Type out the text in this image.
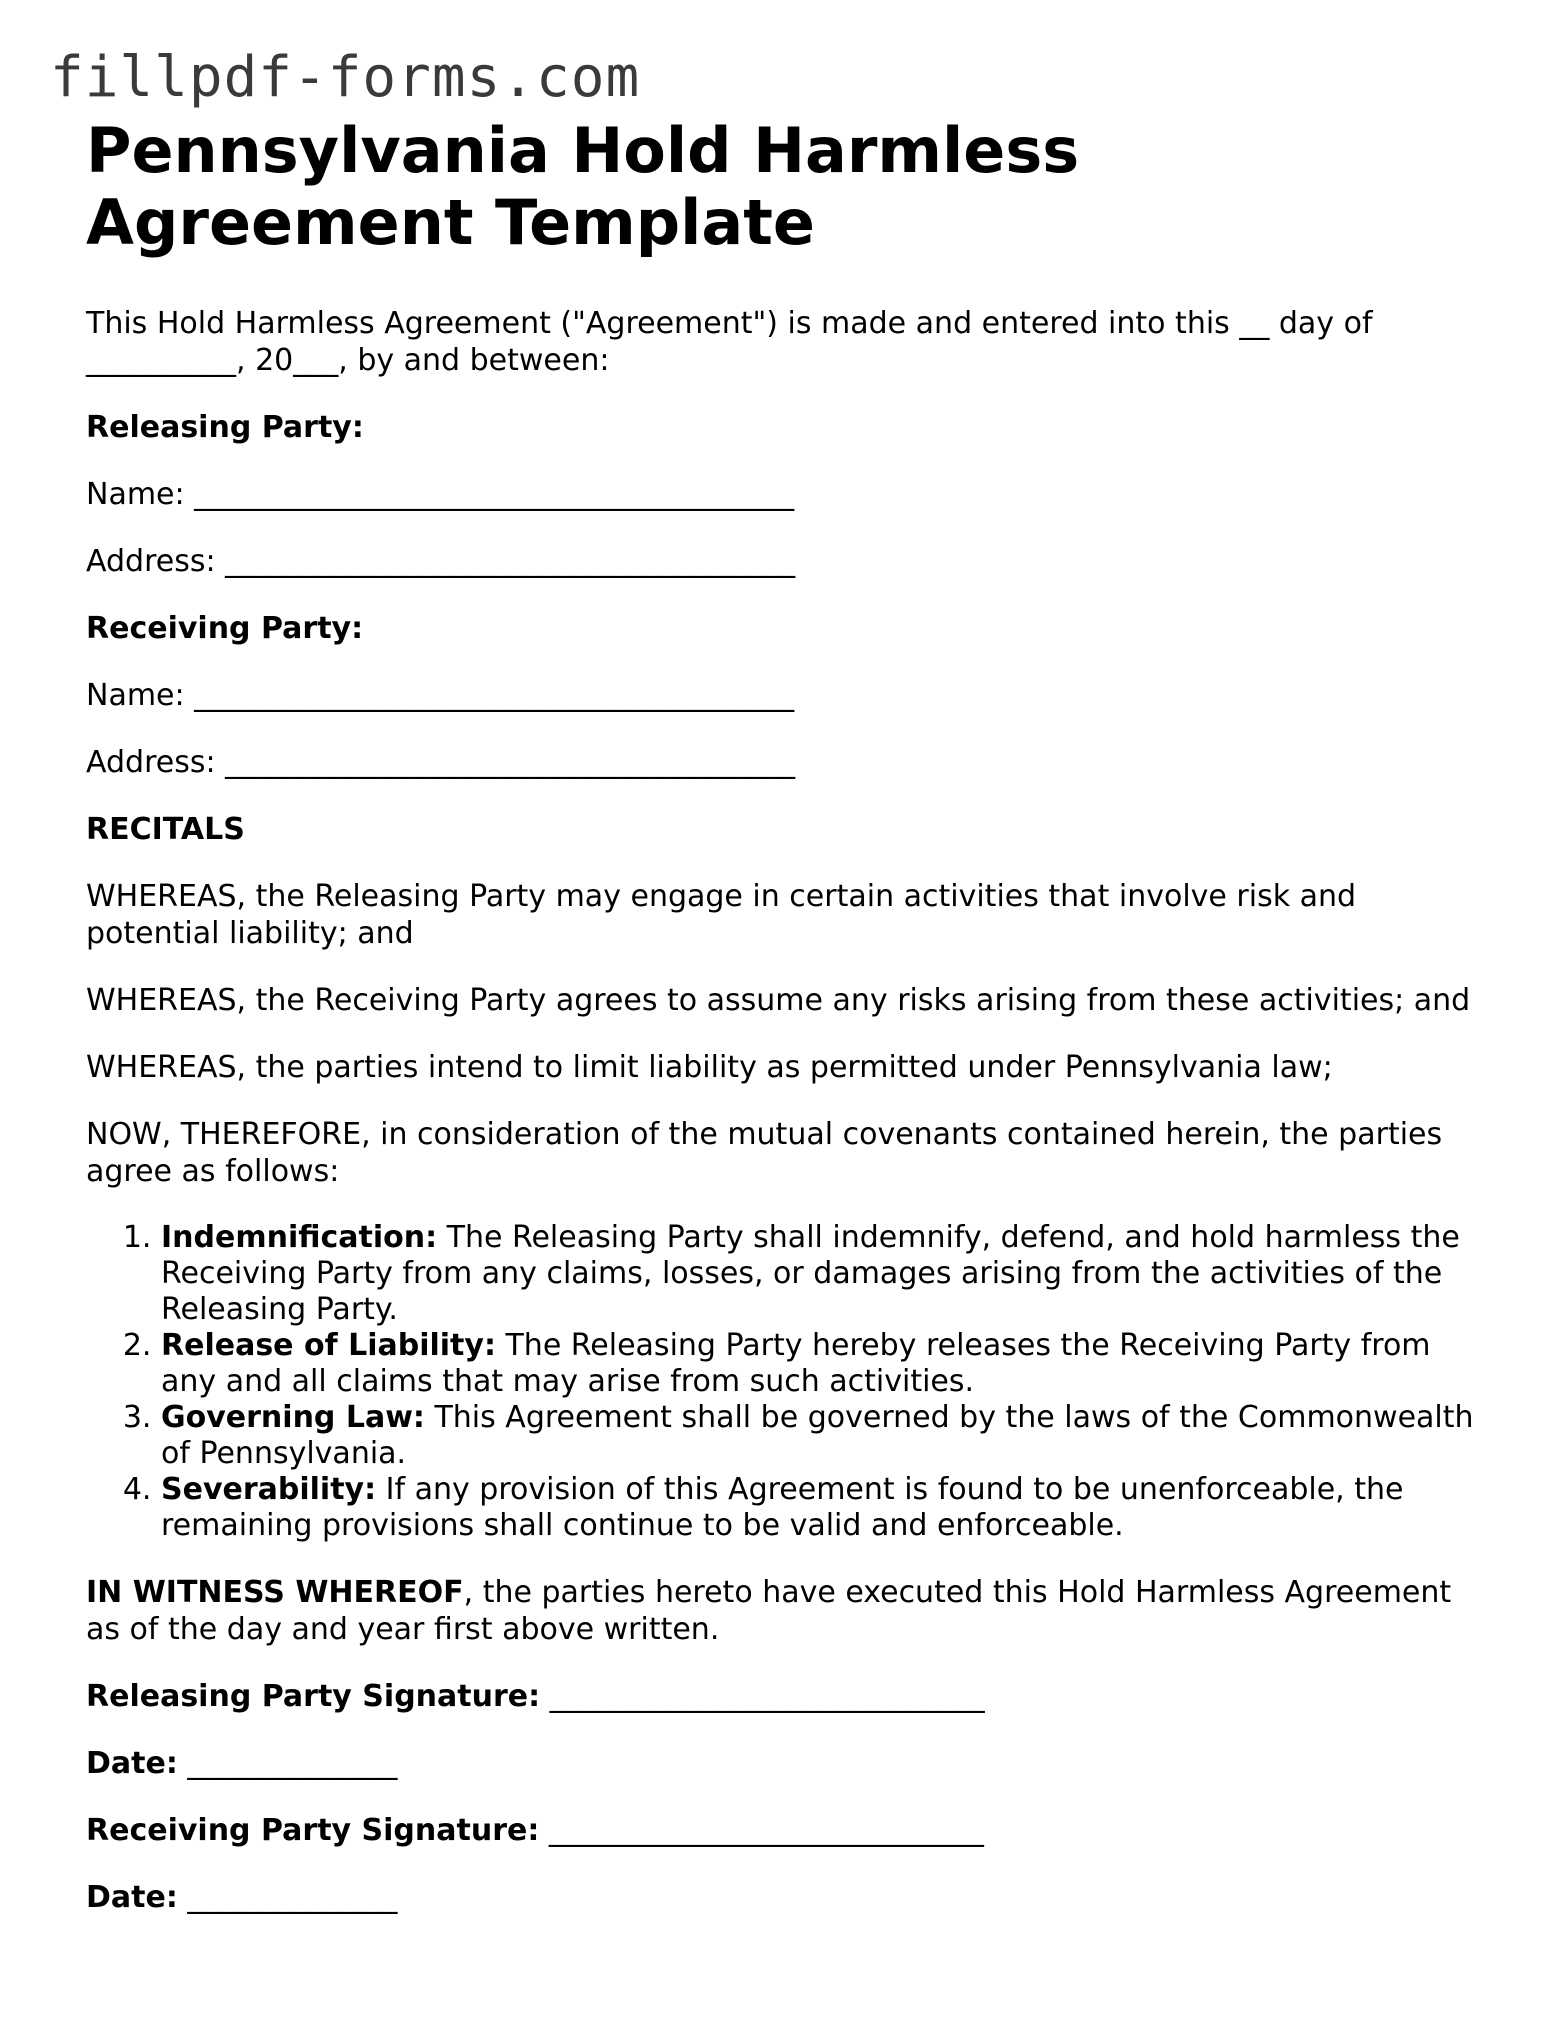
fillpdf-forms.com
Pennsylvania Hold Harmless Agreement Template

This Hold Harmless Agreement ("Agreement") is made and entered into this __ day of __________, 20___, by and between:

Releasing Party:

Name: ________________________________________

Address: ______________________________________

Receiving Party:

Name: ________________________________________

Address: ______________________________________

RECITALS

WHEREAS, the Releasing Party may engage in certain activities that involve risk and potential liability; and

WHEREAS, the Receiving Party agrees to assume any risks arising from these activities; and

WHEREAS, the parties intend to limit liability as permitted under Pennsylvania law;

NOW, THEREFORE, in consideration of the mutual covenants contained herein, the parties agree as follows:

1. Indemnification: The Releasing Party shall indemnify, defend, and hold harmless the Receiving Party from any claims, losses, or damages arising from the activities of the Releasing Party.
2. Release of Liability: The Releasing Party hereby releases the Receiving Party from any and all claims that may arise from such activities.
3. Governing Law: This Agreement shall be governed by the laws of the Commonwealth of Pennsylvania.
4. Severability: If any provision of this Agreement is found to be unenforceable, the remaining provisions shall continue to be valid and enforceable.

IN WITNESS WHEREOF, the parties hereto have executed this Hold Harmless Agreement as of the day and year first above written.

Releasing Party Signature: _____________________________

Date: ______________

Receiving Party Signature: _____________________________

Date: ______________
